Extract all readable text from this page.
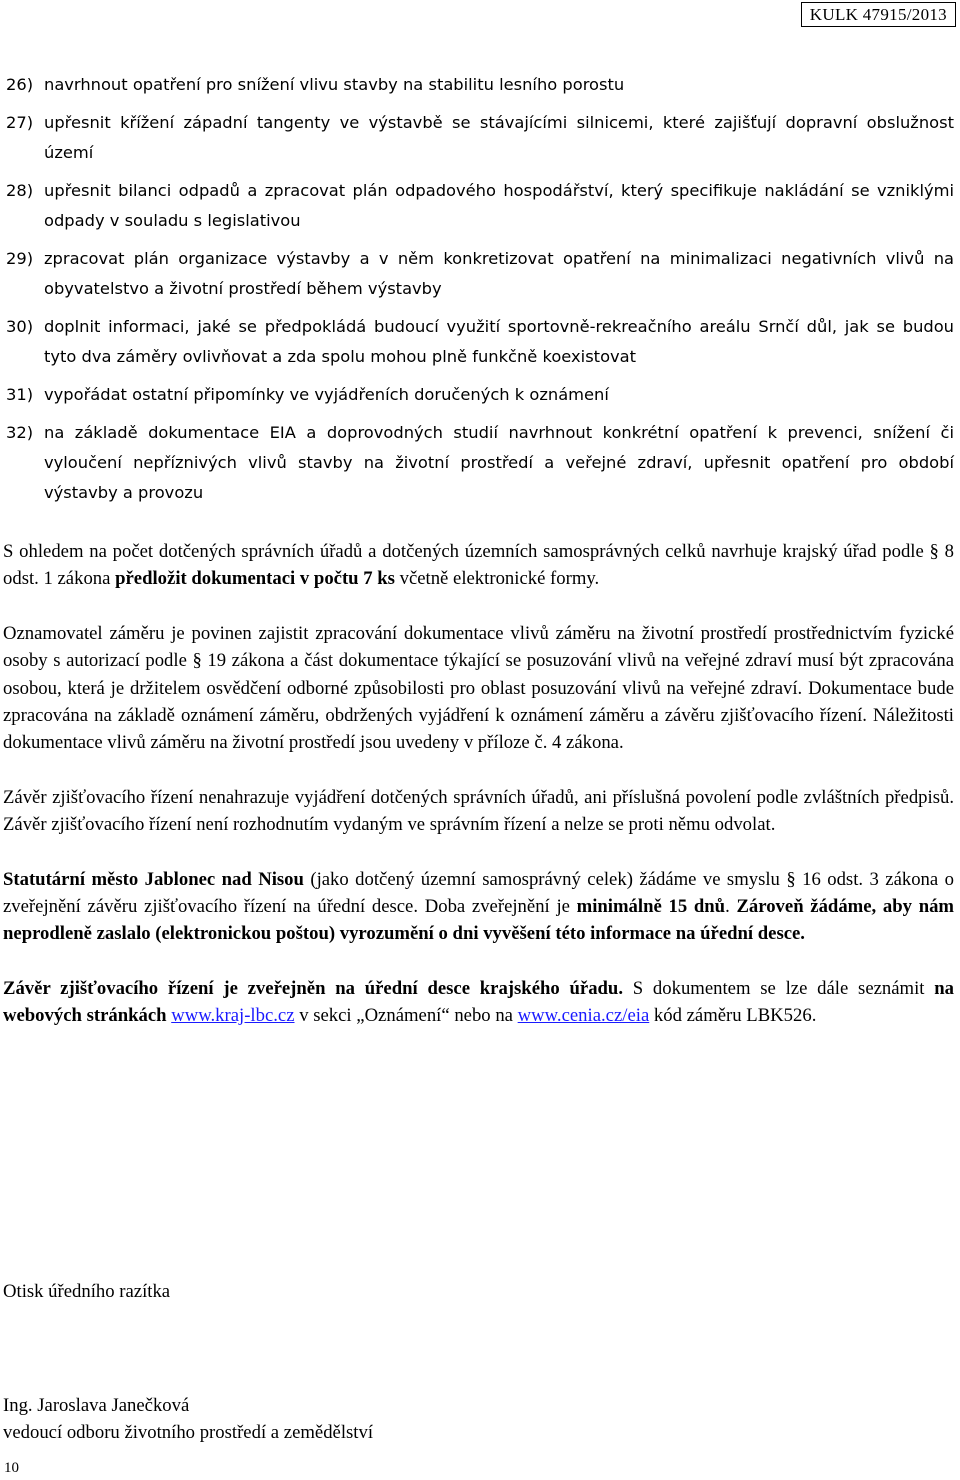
KULK 47915/2013
26) navrhnout opatření pro snížení vlivu stavby na stabilitu lesního porostu
27) upřesnit křížení západní tangenty ve výstavbě se stávajícími silnicemi, které zajišťují dopravní obslužnost území
28) upřesnit bilanci odpadů a zpracovat plán odpadového hospodářství, který specifikuje nakládání se vzniklými odpady v souladu s legislativou
29) zpracovat plán organizace výstavby a v něm konkretizovat opatření na minimalizaci negativních vlivů na obyvatelstvo a životní prostředí během výstavby
30) doplnit informaci, jaké se předpokládá budoucí využití sportovně-rekreačního areálu Srnčí důl, jak se budou tyto dva záměry ovlivňovat a zda spolu mohou plně funkčně koexistovat
31) vypořádat ostatní připomínky ve vyjádřeních doručených k oznámení
32) na základě dokumentace EIA a doprovodných studií navrhnout konkrétní opatření k prevenci, snížení či vyloučení nepříznivých vlivů stavby na životní prostředí a veřejné zdraví, upřesnit opatření pro období výstavby a provozu

S ohledem na počet dotčených správních úřadů a dotčených územních samosprávných celků navrhuje krajský úřad podle § 8 odst. 1 zákona předložit dokumentaci v počtu 7 ks včetně elektronické formy.

Oznamovatel záměru je povinen zajistit zpracování dokumentace vlivů záměru na životní prostředí prostřednictvím fyzické osoby s autorizací podle § 19 zákona a část dokumentace týkající se posuzování vlivů na veřejné zdraví musí být zpracována osobou, která je držitelem osvědčení odborné způsobilosti pro oblast posuzování vlivů na veřejné zdraví. Dokumentace bude zpracována na základě oznámení záměru, obdržených vyjádření k oznámení záměru a závěru zjišťovacího řízení. Náležitosti dokumentace vlivů záměru na životní prostředí jsou uvedeny v příloze č. 4 zákona.

Závěr zjišťovacího řízení nenahrazuje vyjádření dotčených správních úřadů, ani příslušná povolení podle zvláštních předpisů. Závěr zjišťovacího řízení není rozhodnutím vydaným ve správním řízení a nelze se proti němu odvolat.

Statutární město Jablonec nad Nisou (jako dotčený územní samosprávný celek) žádáme ve smyslu § 16 odst. 3 zákona o zveřejnění závěru zjišťovacího řízení na úřední desce. Doba zveřejnění je minimálně 15 dnů. Zároveň žádáme, aby nám neprodleně zaslalo (elektronickou poštou) vyrozumění o dni vyvěšení této informace na úřední desce.

Závěr zjišťovacího řízení je zveřejněn na úřední desce krajského úřadu. S dokumentem se lze dále seznámit na webových stránkách www.kraj-lbc.cz v sekci „Oznámení“ nebo na www.cenia.cz/eia kód záměru LBK526.

Otisk úředního razítka
Ing. Jaroslava Janečková
vedoucí odboru životního prostředí a zemědělství
10
